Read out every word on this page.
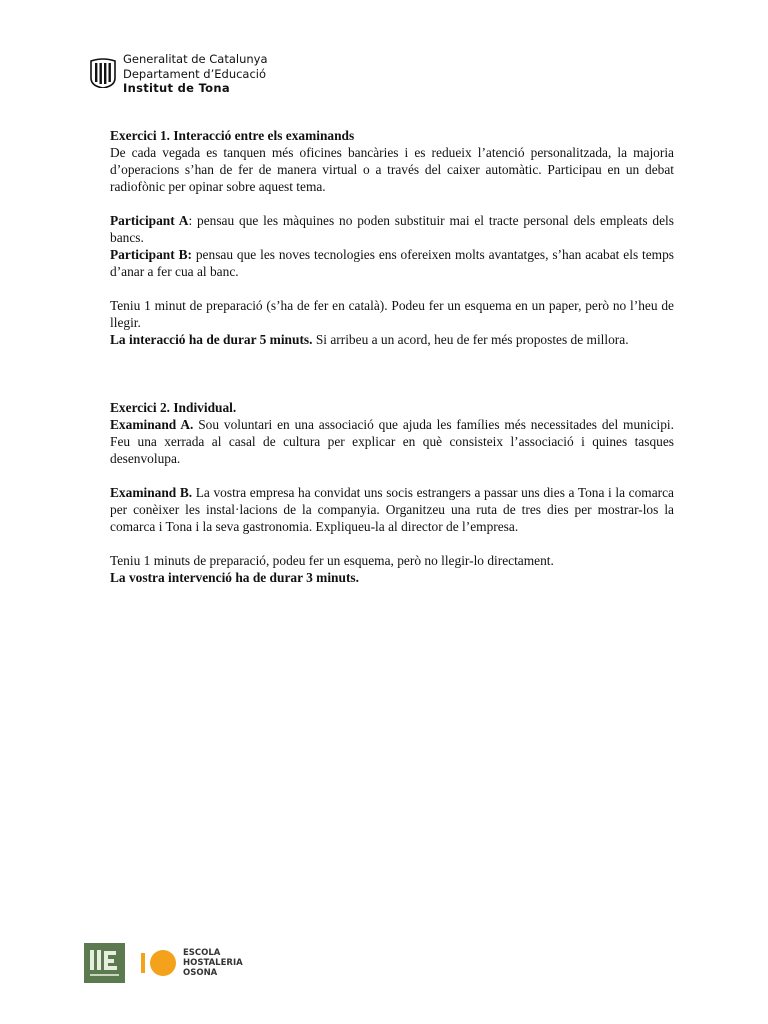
Generalitat de Catalunya
Departament d’Educació
Institut de Tona

Exercici 1. Interacció entre els examinands

De cada vegada es tanquen més oficines bancàries i es redueix l’atenció personalitzada, la majoria d’operacions s’han de fer de manera virtual o a través del caixer automàtic. Participau en un debat radiofònic per opinar sobre aquest tema.

Participant A: pensau que les màquines no poden substituir mai el tracte personal dels empleats dels bancs.

Participant B: pensau que les noves tecnologies ens ofereixen molts avantatges, s’han acabat els temps d’anar a fer cua al banc.

Teniu 1 minut de preparació (s’ha de fer en català). Podeu fer un esquema en un paper, però no l’heu de llegir.

La interacció ha de durar 5 minuts. Si arribeu a un acord, heu de fer més propostes de millora.

Exercici 2. Individual.

Examinand A. Sou voluntari en una associació que ajuda les famílies més necessitades del municipi. Feu una xerrada al casal de cultura per explicar en què consisteix l’associació i quines tasques desenvolupa.

Examinand B. La vostra empresa ha convidat uns socis estrangers a passar uns dies a Tona i la comarca per conèixer les instal·lacions de la companyia. Organitzeu una ruta de tres dies per mostrar-los la comarca i Tona i la seva gastronomia. Expliqueu-la al director de l’empresa.

Teniu 1 minuts de preparació, podeu fer un esquema, però no llegir-lo directament.

La vostra intervenció ha de durar 3 minuts.

ESCOLA
HOSTALERIA
OSONA
